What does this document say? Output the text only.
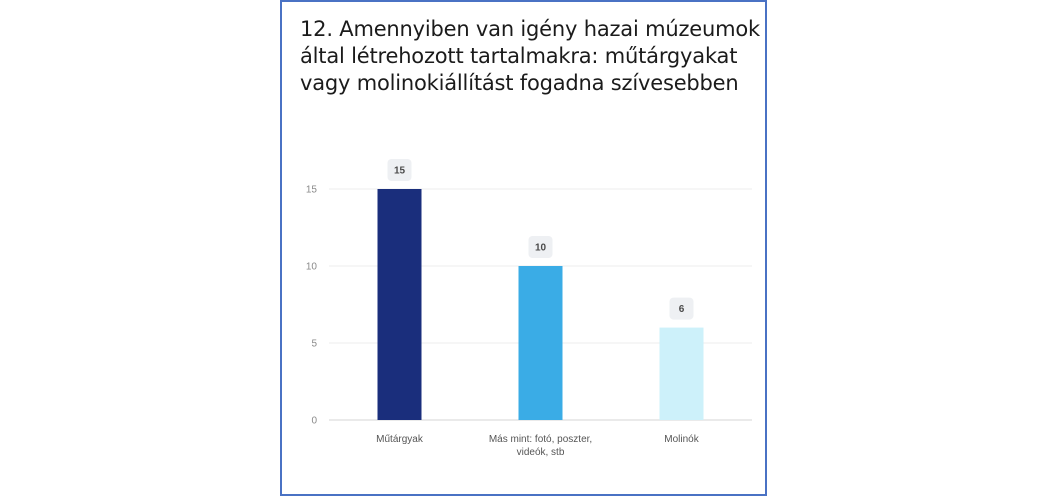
12. Amennyiben van igény hazai múzeumok által létrehozott tartalmakra: műtárgyakat vagy molinokiállítást fogadna szívesebben
0
5
10
15
15
Műtárgyak
10
Más mint: fotó, poszter,
videók, stb
6
Molinók
